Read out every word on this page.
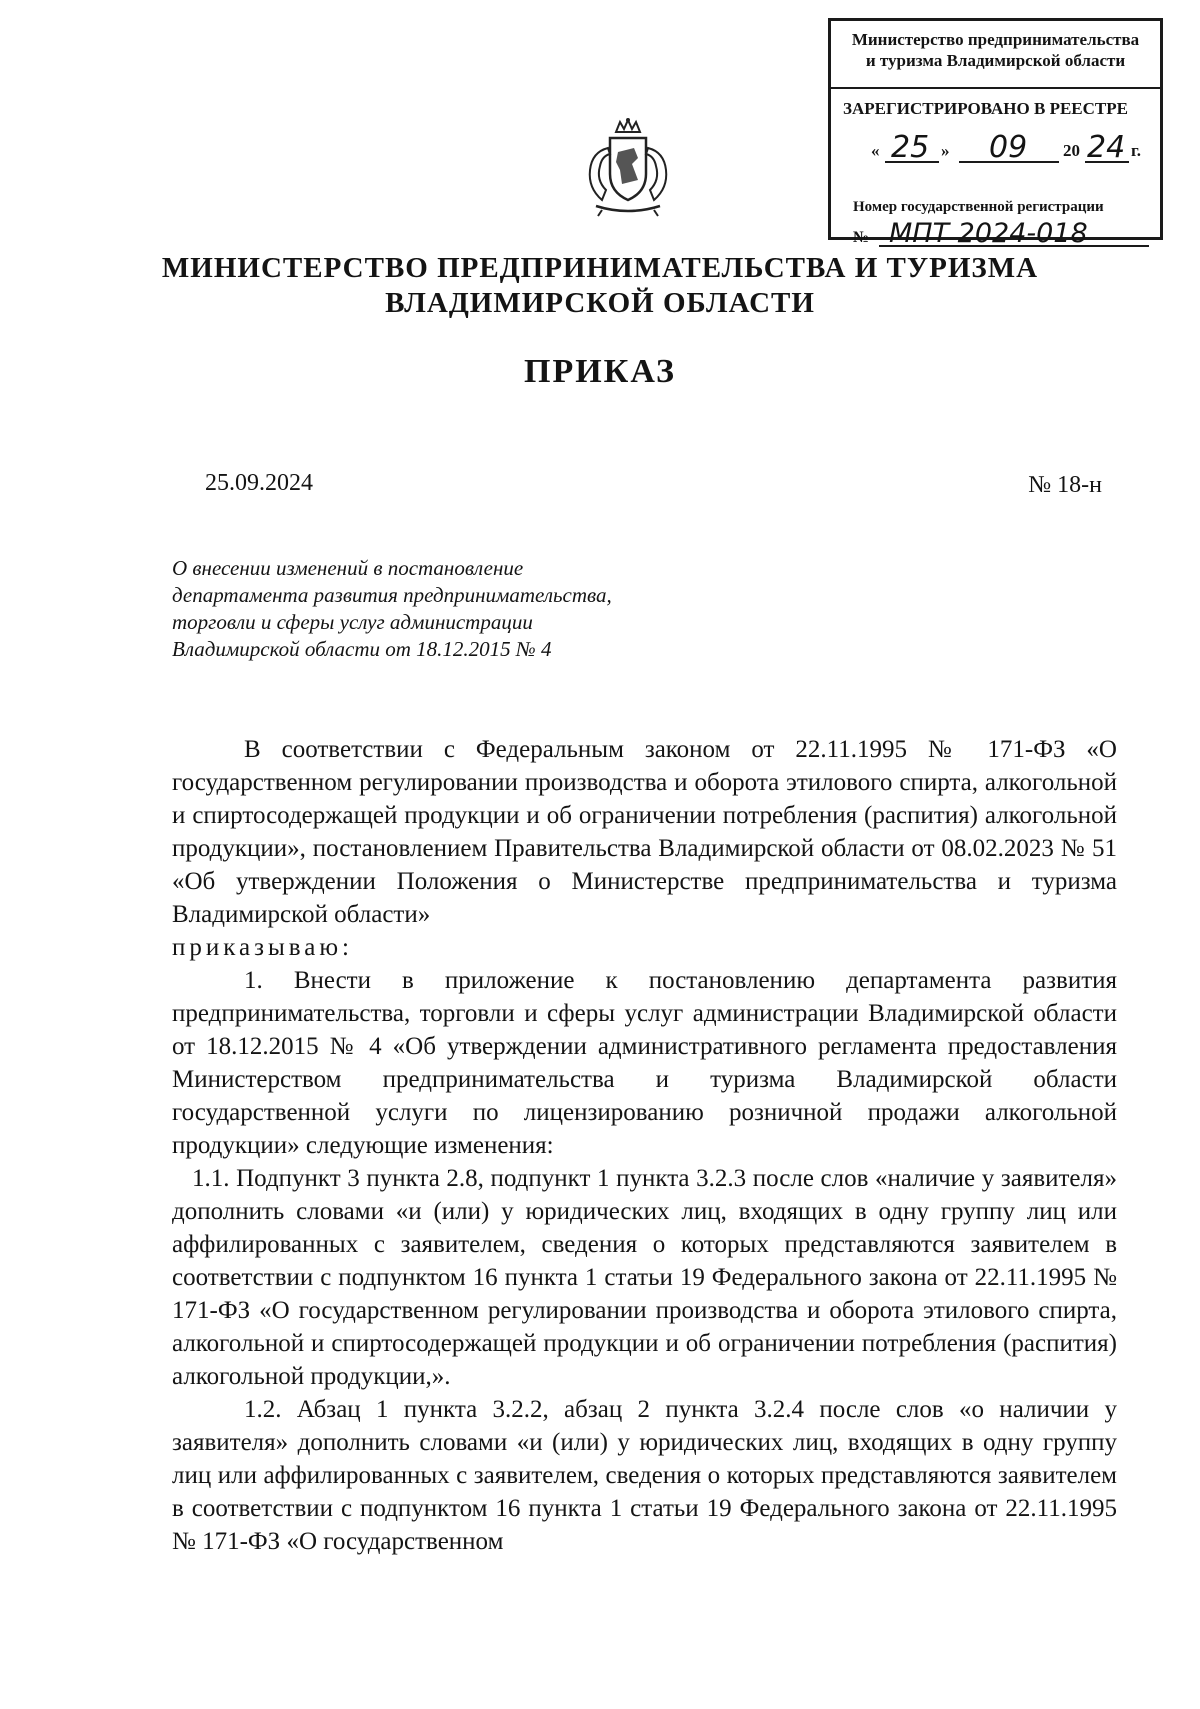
Министерство предпринимательства
и туризма Владимирской области
ЗАРЕГИСТРИРОВАНО В РЕЕСТРЕ
« 25 » 09 20 24 г.
Номер государственной регистрации
№ МПТ 2024-018
МИНИСТЕРСТВО ПРЕДПРИНИМАТЕЛЬСТВА И ТУРИЗМА
ВЛАДИМИРСКОЙ ОБЛАСТИ
ПРИКАЗ
25.09.2024	№ 18-н
О внесении изменений в постановление
департамента развития предпринимательства,
торговли и сферы услуг администрации
Владимирской области от 18.12.2015 № 4

В соответствии с Федеральным законом от 22.11.1995 № 171-ФЗ «О государственном регулировании производства и оборота этилового спирта, алкогольной и спиртосодержащей продукции и об ограничении потребления (распития) алкогольной продукции», постановлением Правительства Владимирской области от 08.02.2023 № 51 «Об утверждении Положения о Министерстве предпринимательства и туризма Владимирской области»

приказываю:

1. Внести в приложение к постановлению департамента развития предпринимательства, торговли и сферы услуг администрации Владимирской области от 18.12.2015 № 4 «Об утверждении административного регламента предоставления Министерством предпринимательства и туризма Владимирской области государственной услуги по лицензированию розничной продажи алкогольной продукции» следующие изменения:

1.1. Подпункт 3 пункта 2.8, подпункт 1 пункта 3.2.3 после слов «наличие у заявителя» дополнить словами «и (или) у юридических лиц, входящих в одну группу лиц или аффилированных с заявителем, сведения о которых представляются заявителем в соответствии с подпунктом 16 пункта 1 статьи 19 Федерального закона от 22.11.1995 № 171-ФЗ «О государственном регулировании производства и оборота этилового спирта, алкогольной и спиртосодержащей продукции и об ограничении потребления (распития) алкогольной продукции,».

1.2. Абзац 1 пункта 3.2.2, абзац 2 пункта 3.2.4 после слов «о наличии у заявителя» дополнить словами «и (или) у юридических лиц, входящих в одну группу лиц или аффилированных с заявителем, сведения о которых представляются заявителем в соответствии с подпунктом 16 пункта 1 статьи 19 Федерального закона от 22.11.1995 № 171-ФЗ «О государственном
